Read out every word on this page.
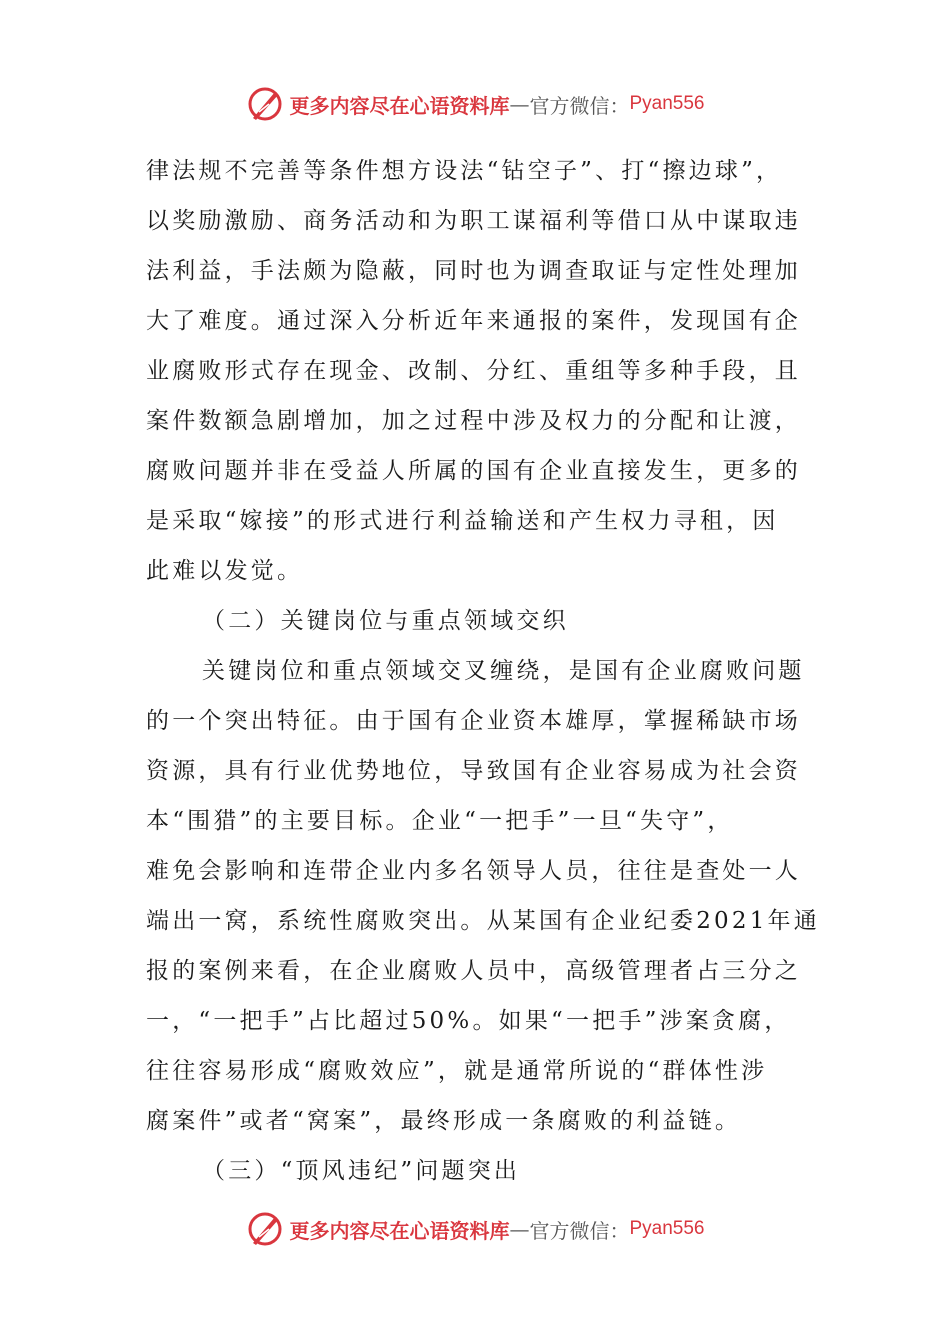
更多内容尽在心语资料库 — 官方微信： Pyan556
律法规不完善等条件想方设法“钻空子”、打“擦边球”，
以奖励激励、商务活动和为职工谋福利等借口从中谋取违
法利益，手法颇为隐蔽，同时也为调查取证与定性处理加
大了难度。通过深入分析近年来通报的案件，发现国有企
业腐败形式存在现金、改制、分红、重组等多种手段，且
案件数额急剧增加，加之过程中涉及权力的分配和让渡，
腐败问题并非在受益人所属的国有企业直接发生，更多的
是采取“嫁接”的形式进行利益输送和产生权力寻租，因
此难以发觉。
（二）关键岗位与重点领域交织
关键岗位和重点领域交叉缠绕，是国有企业腐败问题
的一个突出特征。由于国有企业资本雄厚，掌握稀缺市场
资源，具有行业优势地位，导致国有企业容易成为社会资
本“围猎”的主要目标。企业“一把手”一旦“失守”，
难免会影响和连带企业内多名领导人员，往往是查处一人
端出一窝，系统性腐败突出。从某国有企业纪委2021年通
报的案例来看，在企业腐败人员中，高级管理者占三分之
一，“一把手”占比超过50%。如果“一把手”涉案贪腐，
往往容易形成“腐败效应”，就是通常所说的“群体性涉
腐案件”或者“窝案”，最终形成一条腐败的利益链。
（三）“顶风违纪”问题突出
更多内容尽在心语资料库 — 官方微信： Pyan556
